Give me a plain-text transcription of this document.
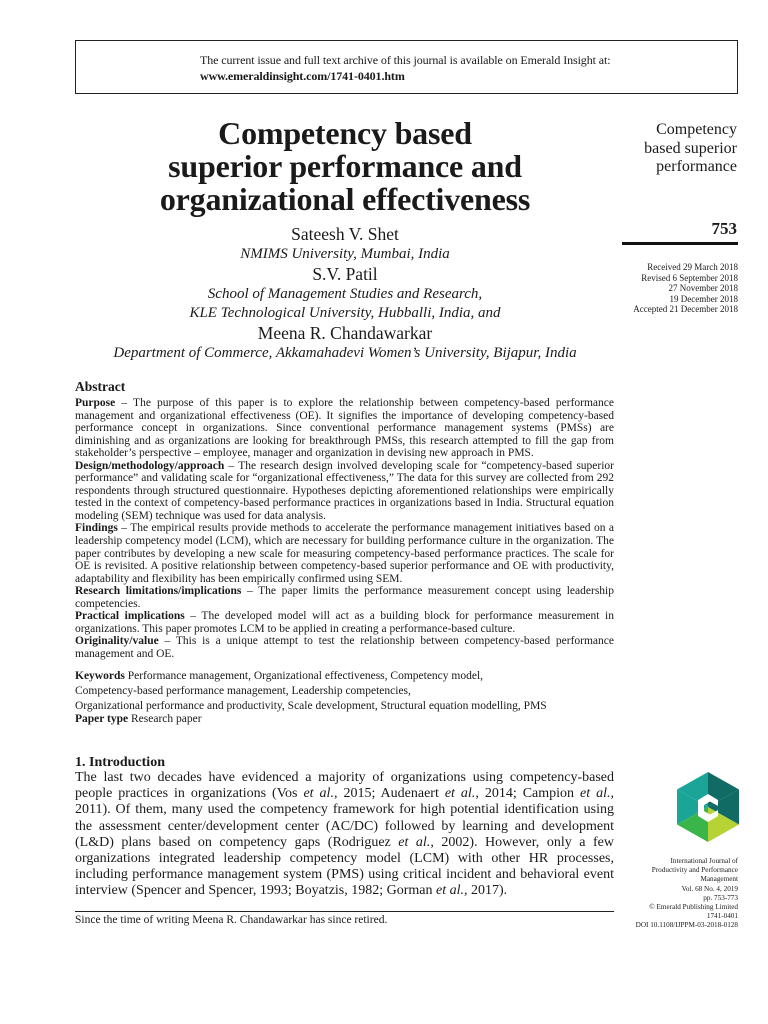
The current issue and full text archive of this journal is available on Emerald Insight at:
www.emeraldinsight.com/1741-0401.htm
Competency based
superior performance and
organizational effectiveness
Sateesh V. Shet
NMIMS University, Mumbai, India
S.V. Patil
School of Management Studies and Research,
KLE Technological University, Hubballi, India, and
Meena R. Chandawarkar
Department of Commerce, Akkamahadevi Women’s University, Bijapur, India
Competency
based superior
performance
753
Received 29 March 2018
Revised 6 September 2018
27 November 2018
19 December 2018
Accepted 21 December 2018
Abstract

Purpose – The purpose of this paper is to explore the relationship between competency-based performance management and organizational effectiveness (OE). It signifies the importance of developing competency-based performance concept in organizations. Since conventional performance management systems (PMSs) are diminishing and as organizations are looking for breakthrough PMSs, this research attempted to fill the gap from stakeholder’s perspective – employee, manager and organization in devising new approach in PMS.

Design/methodology/approach – The research design involved developing scale for “competency-based superior performance” and validating scale for “organizational effectiveness,” The data for this survey are collected from 292 respondents through structured questionnaire. Hypotheses depicting aforementioned relationships were empirically tested in the context of competency-based performance practices in organizations based in India. Structural equation modeling (SEM) technique was used for data analysis.

Findings – The empirical results provide methods to accelerate the performance management initiatives based on a leadership competency model (LCM), which are necessary for building performance culture in the organization. The paper contributes by developing a new scale for measuring competency-based performance practices. The scale for OE is revisited. A positive relationship between competency-based superior performance and OE with productivity, adaptability and flexibility has been empirically confirmed using SEM.

Research limitations/implications – The paper limits the performance measurement concept using leadership competencies.

Practical implications – The developed model will act as a building block for performance measurement in organizations. This paper promotes LCM to be applied in creating a performance-based culture.

Originality/value – This is a unique attempt to test the relationship between competency-based performance management and OE.

Keywords Performance management, Organizational effectiveness, Competency model,
Competency-based performance management, Leadership competencies,
Organizational performance and productivity, Scale development, Structural equation modelling, PMS
Paper type Research paper
1. Introduction
The last two decades have evidenced a majority of organizations using competency-based people practices in organizations (Vos et al., 2015; Audenaert et al., 2014; Campion et al., 2011). Of them, many used the competency framework for high potential identification using the assessment center/development center (AC/DC) followed by learning and development (L&D) plans based on competency gaps (Rodriguez et al., 2002). However, only a few organizations integrated leadership competency model (LCM) with other HR processes, including performance management system (PMS) using critical incident and behavioral event interview (Spencer and Spencer, 1993; Boyatzis, 1982; Gorman et al., 2017).
Since the time of writing Meena R. Chandawarkar has since retired.
International Journal of
Productivity and Performance
Management
Vol. 68 No. 4, 2019
pp. 753-773
© Emerald Publishing Limited
1741-0401
DOI 10.1108/IJPPM-03-2018-0128
